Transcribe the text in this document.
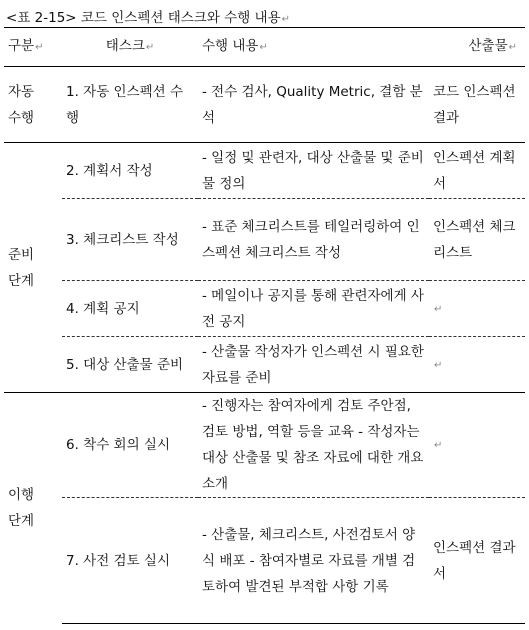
<표 2-15> 코드 인스펙션 태스크와 수행 내용↵
구분↵	태스크↵	수행 내용↵	산출물↵

자동 수행	1. 자동 인스펙션 수행	- 전수 검사, Quality Metric, 결함 분석	코드 인스펙션 결과

준비 단계	2. 계획서 작성	- 일정 및 관련자, 대상 산출물 및 준비물 정의	인스펙션 계획서
	3. 체크리스트 작성	- 표준 체크리스트를 테일러링하여 인스펙션 체크리스트 작성	인스펙션 체크리스트
	4. 계획 공지	- 메일이나 공지를 통해 관련자에게 사전 공지	↵
	5. 대상 산출물 준비	- 산출물 작성자가 인스펙션 시 필요한 자료를 준비	↵

이행 단계	6. 착수 회의 실시	- 진행자는 참여자에게 검토 주안점, 검토 방법, 역할 등을 교육 - 작성자는 대상 산출물 및 참조 자료에 대한 개요 소개	↵
	7. 사전 검토 실시	- 산출물, 체크리스트, 사전검토서 양식 배포 - 참여자별로 자료를 개별 검토하여 발견된 부적합 사항 기록	인스펙션 결과서
